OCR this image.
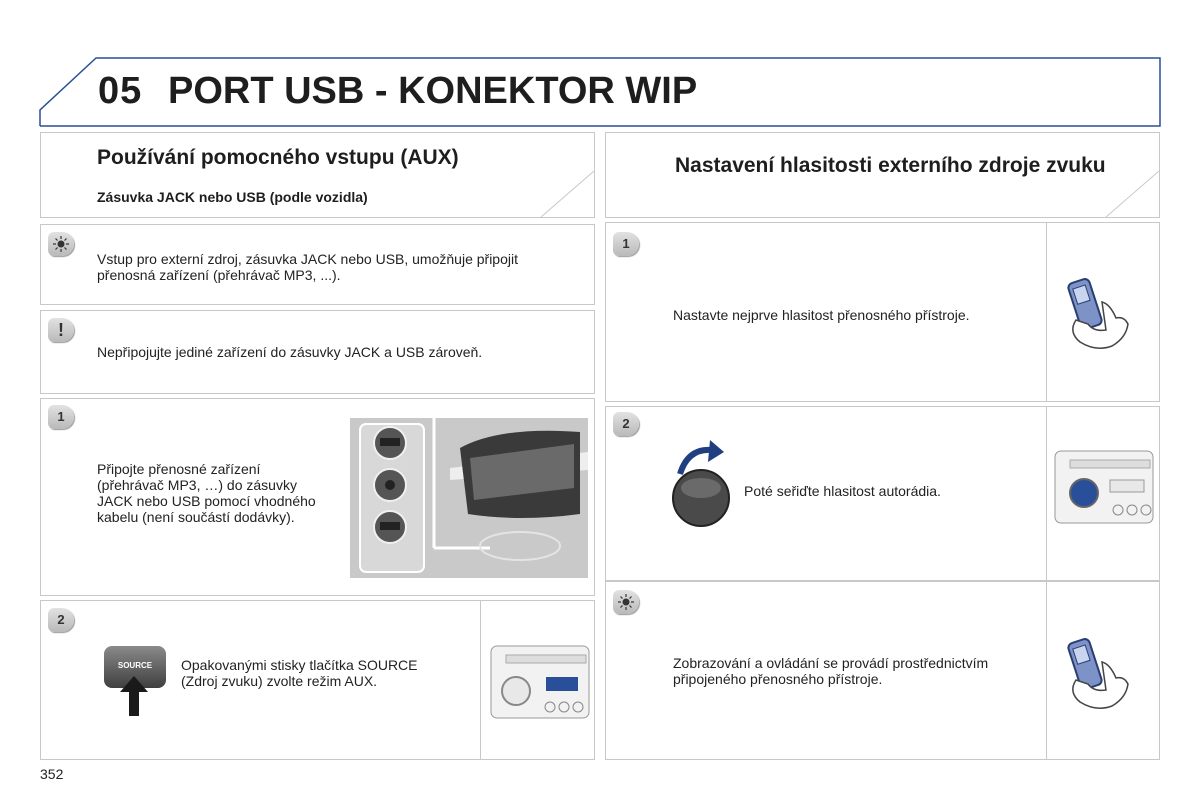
05 PORT USB - KONEKTOR WIP
Používání pomocného vstupu (AUX)
Zásuvka JACK nebo USB (podle vozidla)
Vstup pro externí zdroj, zásuvka JACK nebo USB, umožňuje připojit přenosná zařízení (přehrávač MP3, ...).
!
Nepřipojujte jediné zařízení do zásuvky JACK a USB zároveň.
1
Připojte přenosné zařízení (přehrávač MP3, …) do zásuvky JACK nebo USB pomocí vhodného kabelu (není součástí dodávky).
2
SOURCE	Opakovanými stisky tlačítka SOURCE (Zdroj zvuku) zvolte režim AUX.
Nastavení hlasitosti externího zdroje zvuku
1
Nastavte nejprve hlasitost přenosného přístroje.
2
Poté seřiďte hlasitost autorádia.
Zobrazování a ovládání se provádí prostřednictvím připojeného přenosného přístroje.
352
